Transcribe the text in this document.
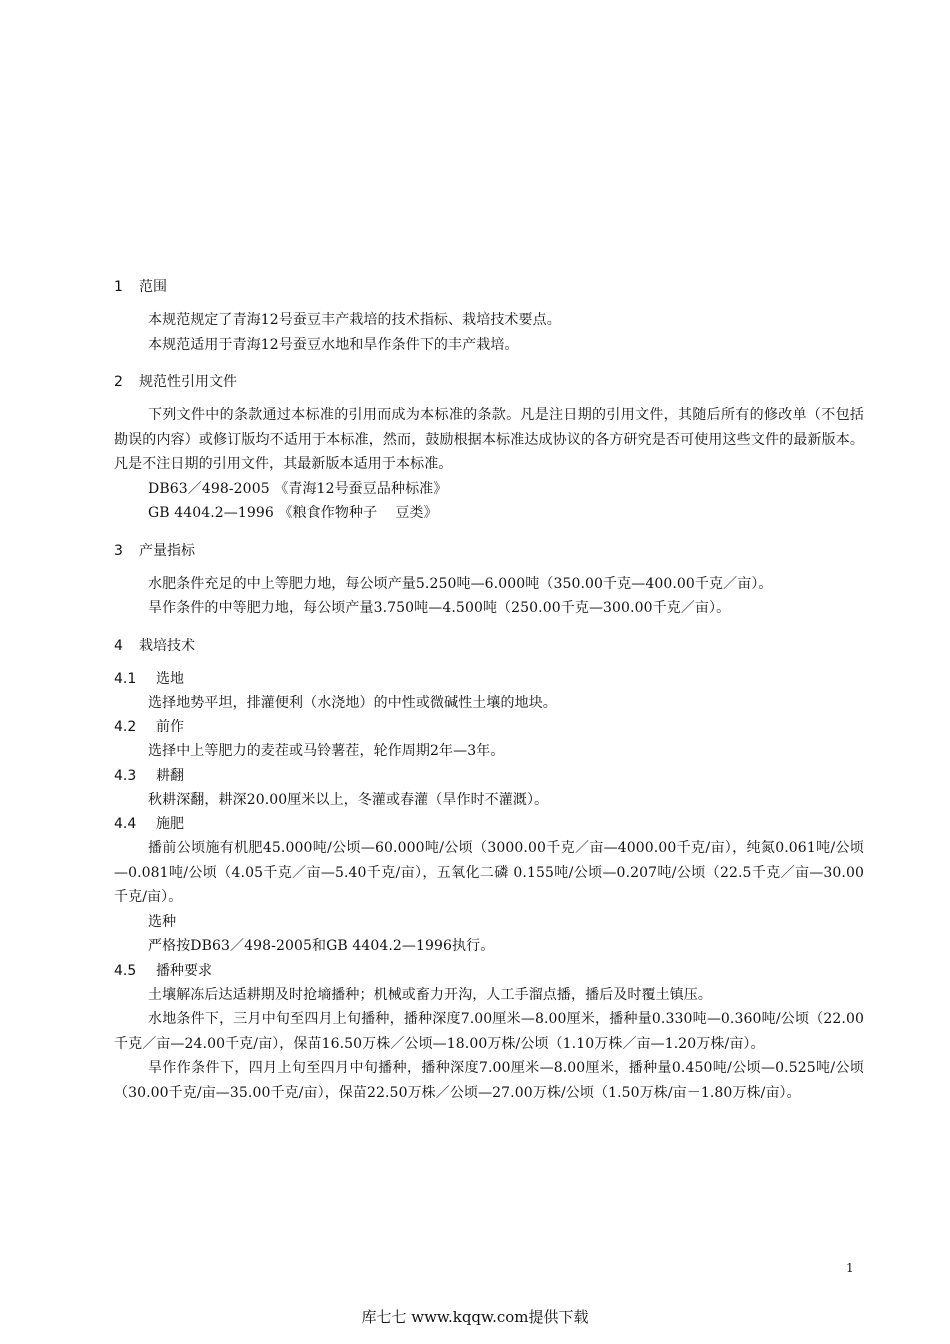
1 范围

本规范规定了青海12号蚕豆丰产栽培的技术指标、栽培技术要点。

本规范适用于青海12号蚕豆水地和旱作条件下的丰产栽培。

2 规范性引用文件

下列文件中的条款通过本标准的引用而成为本标准的条款。凡是注日期的引用文件，其随后所有的修改单（不包括勘误的内容）或修订版均不适用于本标准，然而，鼓励根据本标准达成协议的各方研究是否可使用这些文件的最新版本。凡是不注日期的引用文件，其最新版本适用于本标准。

DB63／498-2005 《青海12号蚕豆品种标准》

GB 4404.2—1996 《粮食作物种子    豆类》

3 产量指标

水肥条件充足的中上等肥力地，每公顷产量5.250吨—6.000吨（350.00千克—400.00千克／亩）。

旱作条件的中等肥力地，每公顷产量3.750吨—4.500吨（250.00千克—300.00千克／亩）。

4 栽培技术
4.1 选地

选择地势平坦，排灌便利（水浇地）的中性或微碱性土壤的地块。

4.2 前作

选择中上等肥力的麦茬或马铃薯茬，轮作周期2年—3年。

4.3 耕翻

秋耕深翻，耕深20.00厘米以上，冬灌或春灌（旱作时不灌溉）。

4.4 施肥

播前公顷施有机肥45.000吨/公顷—60.000吨/公顷（3000.00千克／亩—4000.00千克/亩），纯氮0.061吨/公顷—0.081吨/公顷（4.05千克／亩—5.40千克/亩），五氧化二磷 0.155吨/公顷—0.207吨/公顷（22.5千克／亩—30.00千克/亩）。

选种

严格按DB63／498-2005和GB 4404.2—1996执行。

4.5 播种要求

土壤解冻后达适耕期及时抢墒播种；机械或畜力开沟，人工手溜点播，播后及时覆土镇压。

水地条件下，三月中旬至四月上旬播种，播种深度7.00厘米—8.00厘米，播种量0.330吨—0.360吨/公顷（22.00千克／亩—24.00千克/亩），保苗16.50万株／公顷—18.00万株/公顷（1.10万株／亩—1.20万株/亩）。

旱作作条件下，四月上旬至四月中旬播种，播种深度7.00厘米—8.00厘米，播种量0.450吨/公顷—0.525吨/公顷（30.00千克/亩—35.00千克/亩），保苗22.50万株／公顷—27.00万株/公顷（1.50万株/亩－1.80万株/亩）。

1
库七七 www.kqqw.com提供下载
